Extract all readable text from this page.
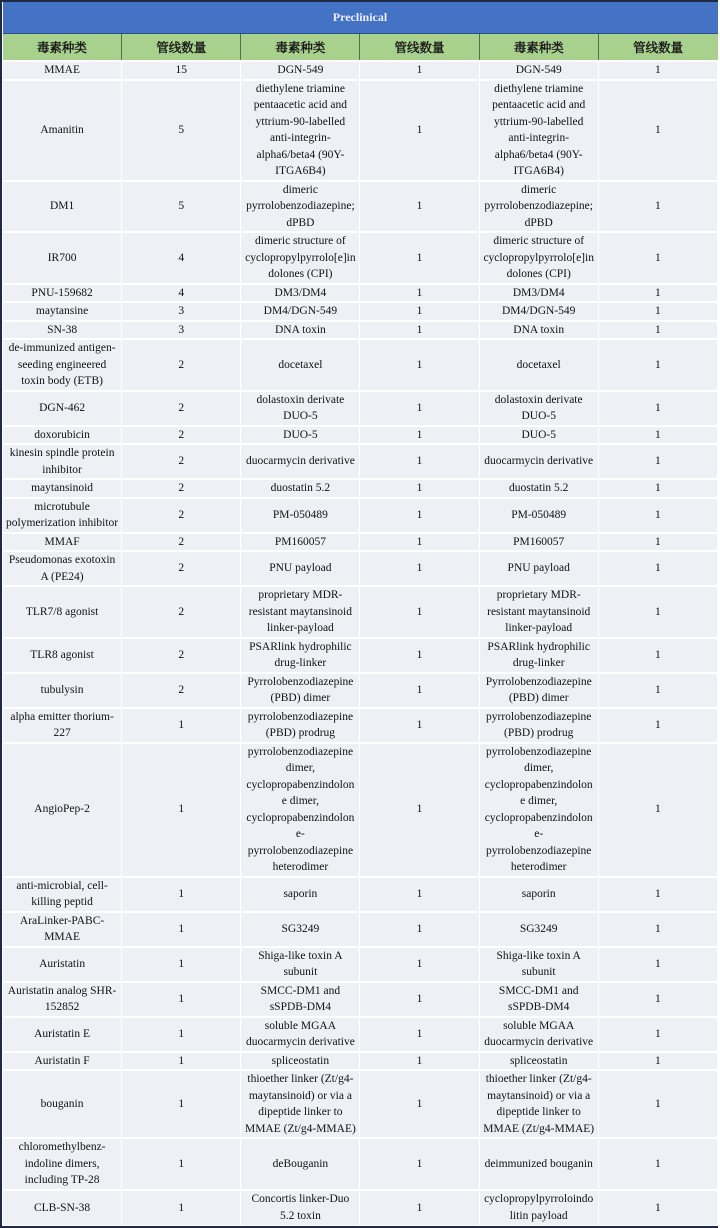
Preclinical					
毒素种类	管线数量	毒素种类	管线数量	毒素种类	管线数量
MMAE	15	DGN-549	1	DGN-549	1
Amanitin	5	diethylene triamine pentaacetic acid and yttrium-90-labelled anti-integrin-alpha6/beta4 (90Y-ITGA6B4)	1	diethylene triamine pentaacetic acid and yttrium-90-labelled anti-integrin-alpha6/beta4 (90Y-ITGA6B4)	1
DM1	5	dimeric pyrrolobenzodiazepine; dPBD	1	dimeric pyrrolobenzodiazepine; dPBD	1
IR700	4	dimeric structure of cyclopropylpyrrolo[e]indolones (CPI)	1	dimeric structure of cyclopropylpyrrolo[e]indolones (CPI)	1
PNU-159682	4	DM3/DM4	1	DM3/DM4	1
maytansine	3	DM4/DGN-549	1	DM4/DGN-549	1
SN-38	3	DNA toxin	1	DNA toxin	1
de-immunized antigen-seeding engineered toxin body (ETB)	2	docetaxel	1	docetaxel	1
DGN-462	2	dolastoxin derivate DUO-5	1	dolastoxin derivate DUO-5	1
doxorubicin	2	DUO-5	1	DUO-5	1
kinesin spindle protein inhibitor	2	duocarmycin derivative	1	duocarmycin derivative	1
maytansinoid	2	duostatin 5.2	1	duostatin 5.2	1
microtubule polymerization inhibitor	2	PM-050489	1	PM-050489	1
MMAF	2	PM160057	1	PM160057	1
Pseudomonas exotoxin A (PE24)	2	PNU payload	1	PNU payload	1
TLR7/8 agonist	2	proprietary MDR-resistant maytansinoid linker-payload	1	proprietary MDR-resistant maytansinoid linker-payload	1
TLR8 agonist	2	PSARlink hydrophilic drug-linker	1	PSARlink hydrophilic drug-linker	1
tubulysin	2	Pyrrolobenzodiazepine (PBD) dimer	1	Pyrrolobenzodiazepine (PBD) dimer	1
alpha emitter thorium-227	1	pyrrolobenzodiazepine (PBD) prodrug	1	pyrrolobenzodiazepine (PBD) prodrug	1
AngioPep-2	1	pyrrolobenzodiazepine dimer, cyclopropabenzindolone dimer, cyclopropabenzindolone-pyrrolobenzodiazepine heterodimer	1	pyrrolobenzodiazepine dimer, cyclopropabenzindolone dimer, cyclopropabenzindolone-pyrrolobenzodiazepine heterodimer	1
anti-microbial, cell-killing peptid	1	saporin	1	saporin	1
AraLinker-PABC-MMAE	1	SG3249	1	SG3249	1
Auristatin	1	Shiga-like toxin A subunit	1	Shiga-like toxin A subunit	1
Auristatin analog SHR-152852	1	SMCC-DM1 and sSPDB-DM4	1	SMCC-DM1 and sSPDB-DM4	1
Auristatin E	1	soluble MGAA duocarmycin derivative	1	soluble MGAA duocarmycin derivative	1
Auristatin F	1	spliceostatin	1	spliceostatin	1
bouganin	1	thioether linker (Zt/g4-maytansinoid) or via a dipeptide linker to MMAE (Zt/g4-MMAE)	1	thioether linker (Zt/g4-maytansinoid) or via a dipeptide linker to MMAE (Zt/g4-MMAE)	1
chloromethylbenz-indoline dimers, including TP-28	1	deBouganin	1	deimmunized bouganin	1
CLB-SN-38	1	Concortis linker-Duo 5.2 toxin	1	cyclopropylpyrroloindolitin payload	1
